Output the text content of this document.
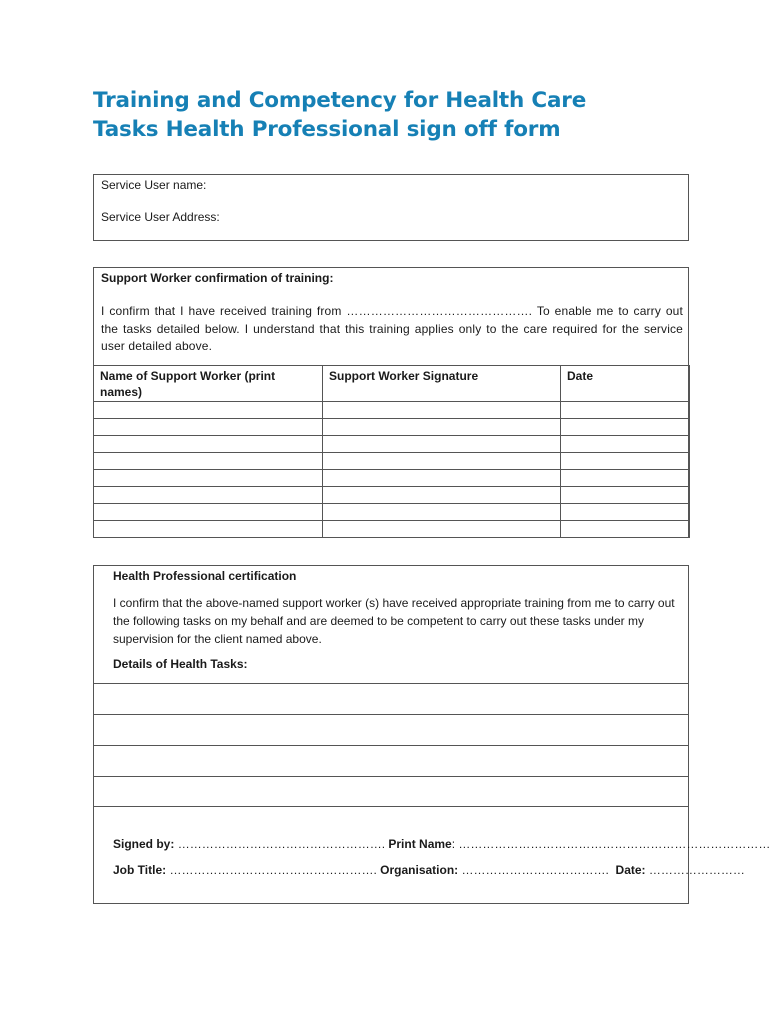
Training and Competency for Health Care
Tasks Health Professional sign off form
Service User name:
Service User Address:
Support Worker confirmation of training:
I confirm that I have received training from ………………………………………. To enable me to carry out the tasks detailed below. I understand that this training applies only to the care required for the service user detailed above.
Name of Support Worker (print names)	Support Worker Signature	Date

Health Professional certification
I confirm that the above-named support worker (s) have received appropriate training from me to carry out the following tasks on my behalf and are deemed to be competent to carry out these tasks under my supervision for the client named above.
Details of Health Tasks:
Signed by: ……………………………………………. Print Name: ……………………………………………………………………
Job Title: ……………………………………………. Organisation: ………………………………. Date: ……………………
